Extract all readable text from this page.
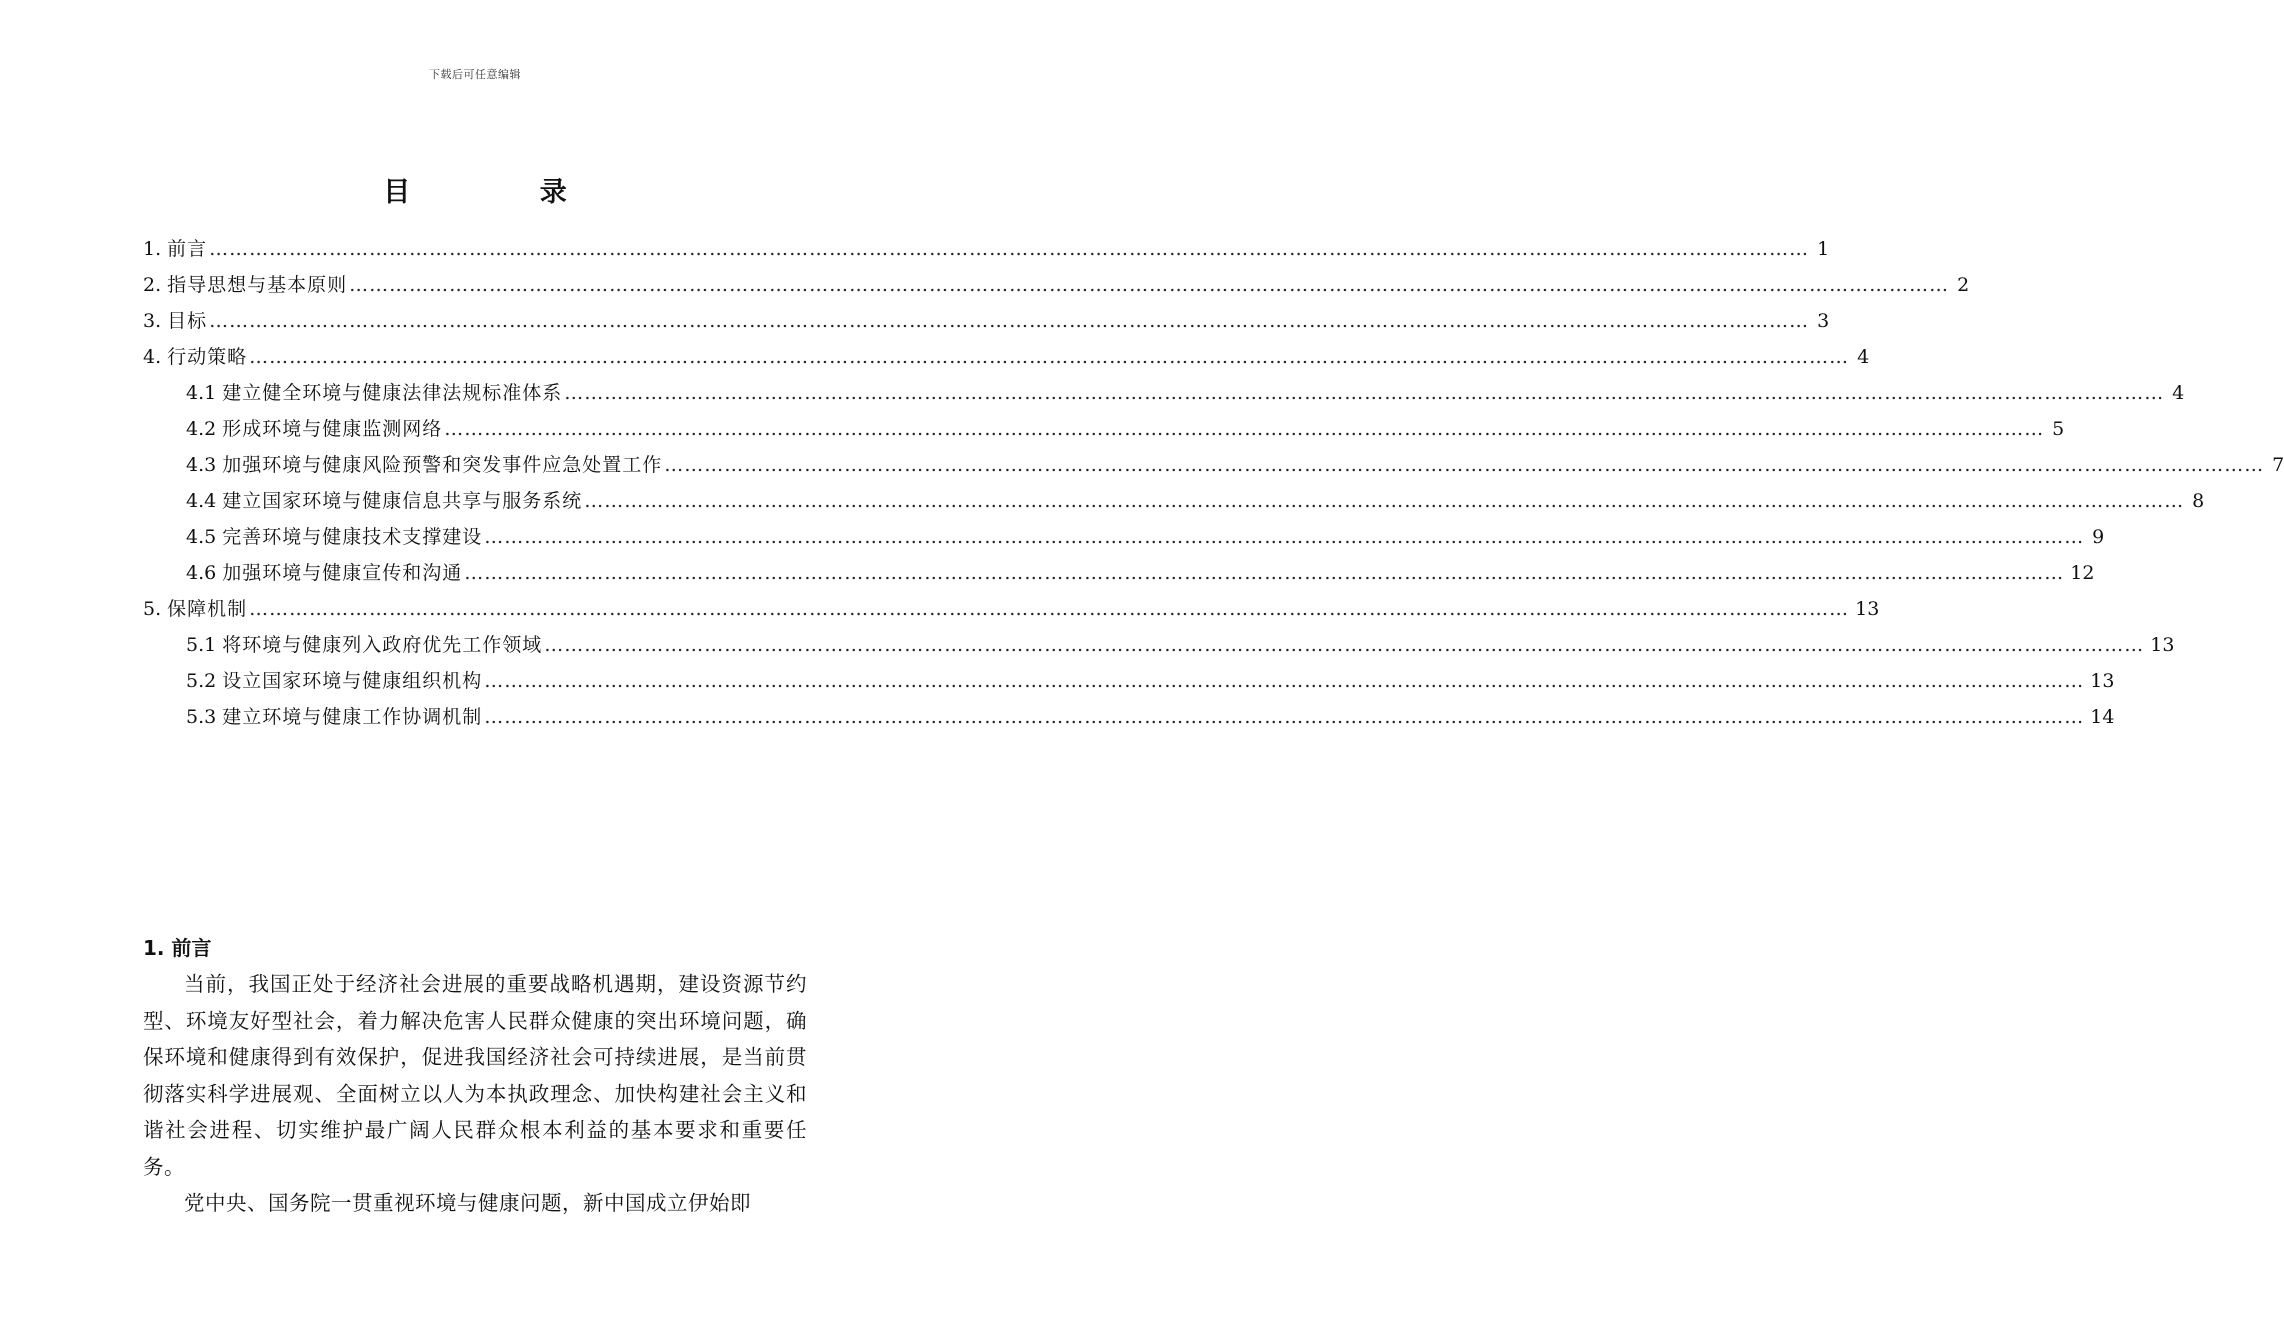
下载后可任意编辑
目 录
1. 前言 …………………………………………………………………………………………………………………………………………………………………………………………………………………… 1
2. 指导思想与基本原则 …………………………………………………………………………………………………………………………………………………………………………………………………………………… 2
3. 目标 …………………………………………………………………………………………………………………………………………………………………………………………………………………… 3
4. 行动策略 …………………………………………………………………………………………………………………………………………………………………………………………………………………… 4
4.1 建立健全环境与健康法律法规标准体系 …………………………………………………………………………………………………………………………………………………………………………………………………………………… 4
4.2 形成环境与健康监测网络 …………………………………………………………………………………………………………………………………………………………………………………………………………………… 5
4.3 加强环境与健康风险预警和突发事件应急处置工作 …………………………………………………………………………………………………………………………………………………………………………………………………………………… 7
4.4 建立国家环境与健康信息共享与服务系统 …………………………………………………………………………………………………………………………………………………………………………………………………………………… 8
4.5 完善环境与健康技术支撑建设 …………………………………………………………………………………………………………………………………………………………………………………………………………………… 9
4.6 加强环境与健康宣传和沟通 …………………………………………………………………………………………………………………………………………………………………………………………………………………… 12
5. 保障机制 …………………………………………………………………………………………………………………………………………………………………………………………………………………… 13
5.1 将环境与健康列入政府优先工作领域 …………………………………………………………………………………………………………………………………………………………………………………………………………………… 13
5.2 设立国家环境与健康组织机构 …………………………………………………………………………………………………………………………………………………………………………………………………………………… 13
5.3 建立环境与健康工作协调机制 …………………………………………………………………………………………………………………………………………………………………………………………………………………… 14
1. 前言

当前，我国正处于经济社会进展的重要战略机遇期，建设资源节约型、环境友好型社会，着力解决危害人民群众健康的突出环境问题，确保环境和健康得到有效保护，促进我国经济社会可持续进展，是当前贯彻落实科学进展观、全面树立以人为本执政理念、加快构建社会主义和谐社会进程、切实维护最广阔人民群众根本利益的基本要求和重要任务。

党中央、国务院一贯重视环境与健康问题，新中国成立伊始即
